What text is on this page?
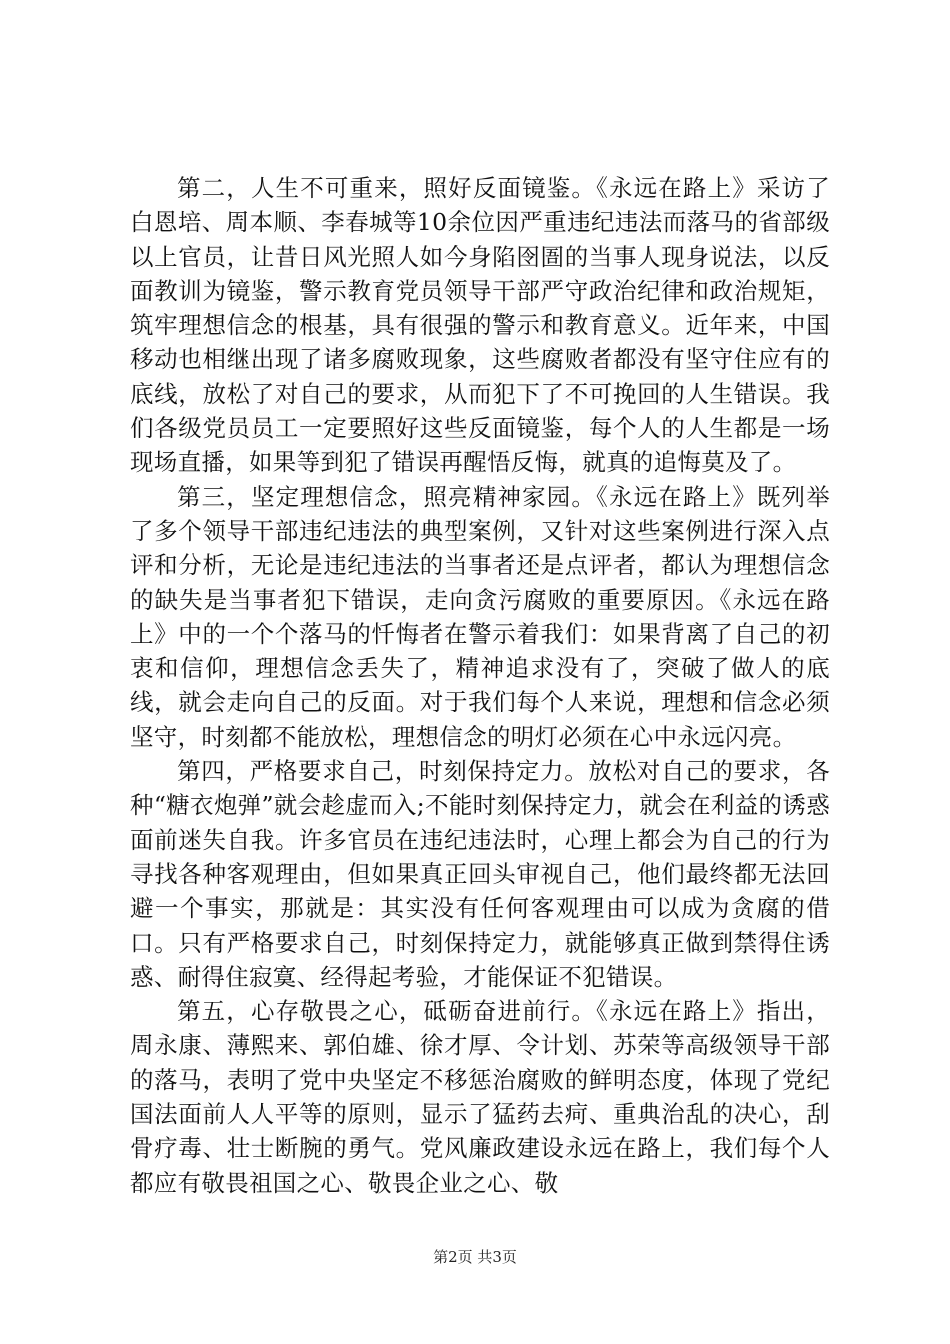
第二，人生不可重来，照好反面镜鉴。《永远在路上》采访了白恩培、周本顺、李春城等10余位因严重违纪违法而落马的省部级以上官员，让昔日风光照人如今身陷囹圄的当事人现身说法，以反面教训为镜鉴，警示教育党员领导干部严守政治纪律和政治规矩，筑牢理想信念的根基，具有很强的警示和教育意义。近年来，中国移动也相继出现了诸多腐败现象，这些腐败者都没有坚守住应有的底线，放松了对自己的要求，从而犯下了不可挽回的人生错误。我们各级党员员工一定要照好这些反面镜鉴，每个人的人生都是一场现场直播，如果等到犯了错误再醒悟反悔，就真的追悔莫及了。

第三，坚定理想信念，照亮精神家园。《永远在路上》既列举了多个领导干部违纪违法的典型案例，又针对这些案例进行深入点评和分析，无论是违纪违法的当事者还是点评者，都认为理想信念的缺失是当事者犯下错误，走向贪污腐败的重要原因。《永远在路上》中的一个个落马的忏悔者在警示着我们：如果背离了自己的初衷和信仰，理想信念丢失了，精神追求没有了，突破了做人的底线，就会走向自己的反面。对于我们每个人来说，理想和信念必须坚守，时刻都不能放松，理想信念的明灯必须在心中永远闪亮。

第四，严格要求自己，时刻保持定力。放松对自己的要求，各种“糖衣炮弹”就会趁虚而入;不能时刻保持定力，就会在利益的诱惑面前迷失自我。许多官员在违纪违法时，心理上都会为自己的行为寻找各种客观理由，但如果真正回头审视自己，他们最终都无法回避一个事实，那就是：其实没有任何客观理由可以成为贪腐的借口。只有严格要求自己，时刻保持定力，就能够真正做到禁得住诱惑、耐得住寂寞、经得起考验，才能保证不犯错误。

第五，心存敬畏之心，砥砺奋进前行。《永远在路上》指出，周永康、薄熙来、郭伯雄、徐才厚、令计划、苏荣等高级领导干部的落马，表明了党中央坚定不移惩治腐败的鲜明态度，体现了党纪国法面前人人平等的原则，显示了猛药去疴、重典治乱的决心，刮骨疗毒、壮士断腕的勇气。党风廉政建设永远在路上，我们每个人都应有敬畏祖国之心、敬畏企业之心、敬

第2页 共3页
